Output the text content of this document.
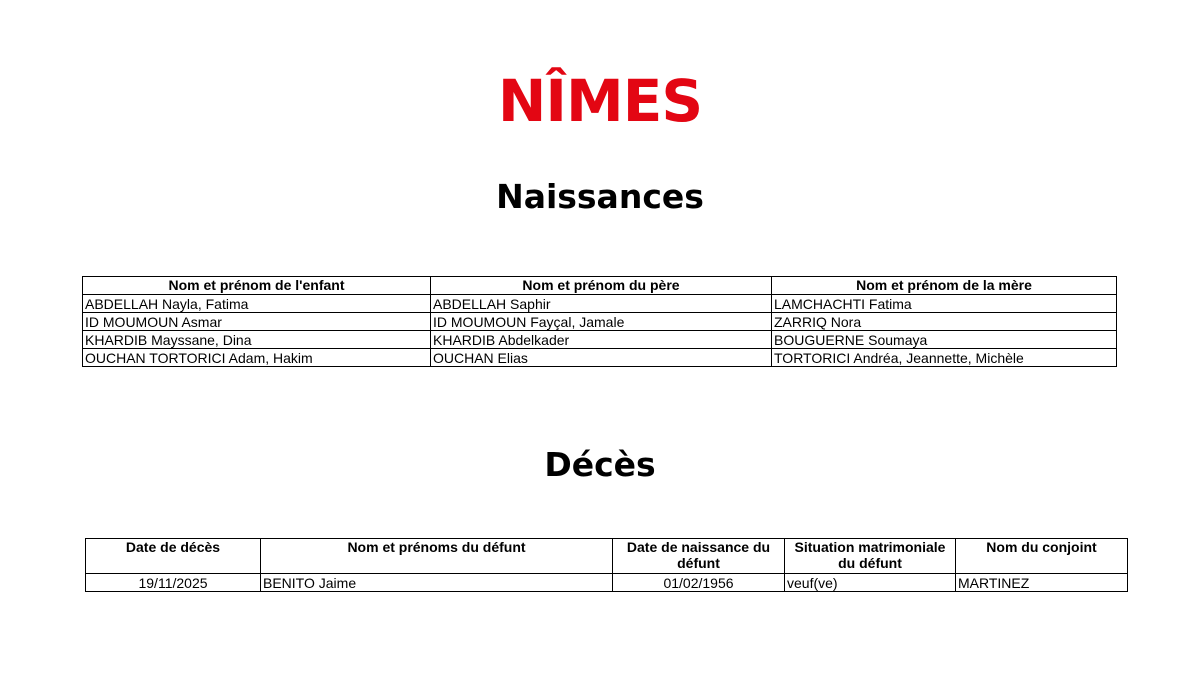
NÎMES
Naissances
Nom et prénom de l'enfant	Nom et prénom du père	Nom et prénom de la mère
ABDELLAH Nayla, Fatima	ABDELLAH Saphir	LAMCHACHTI Fatima
ID MOUMOUN Asmar	ID MOUMOUN Fayçal, Jamale	ZARRIQ Nora
KHARDIB Mayssane, Dina	KHARDIB Abdelkader	BOUGUERNE Soumaya
OUCHAN TORTORICI Adam, Hakim	OUCHAN Elias	TORTORICI Andréa, Jeannette, Michèle
Décès
Date de décès	Nom et prénoms du défunt	Date de naissance du défunt	Situation matrimoniale du défunt	Nom du conjoint
19/11/2025	BENITO Jaime	01/02/1956	veuf(ve)	MARTINEZ
